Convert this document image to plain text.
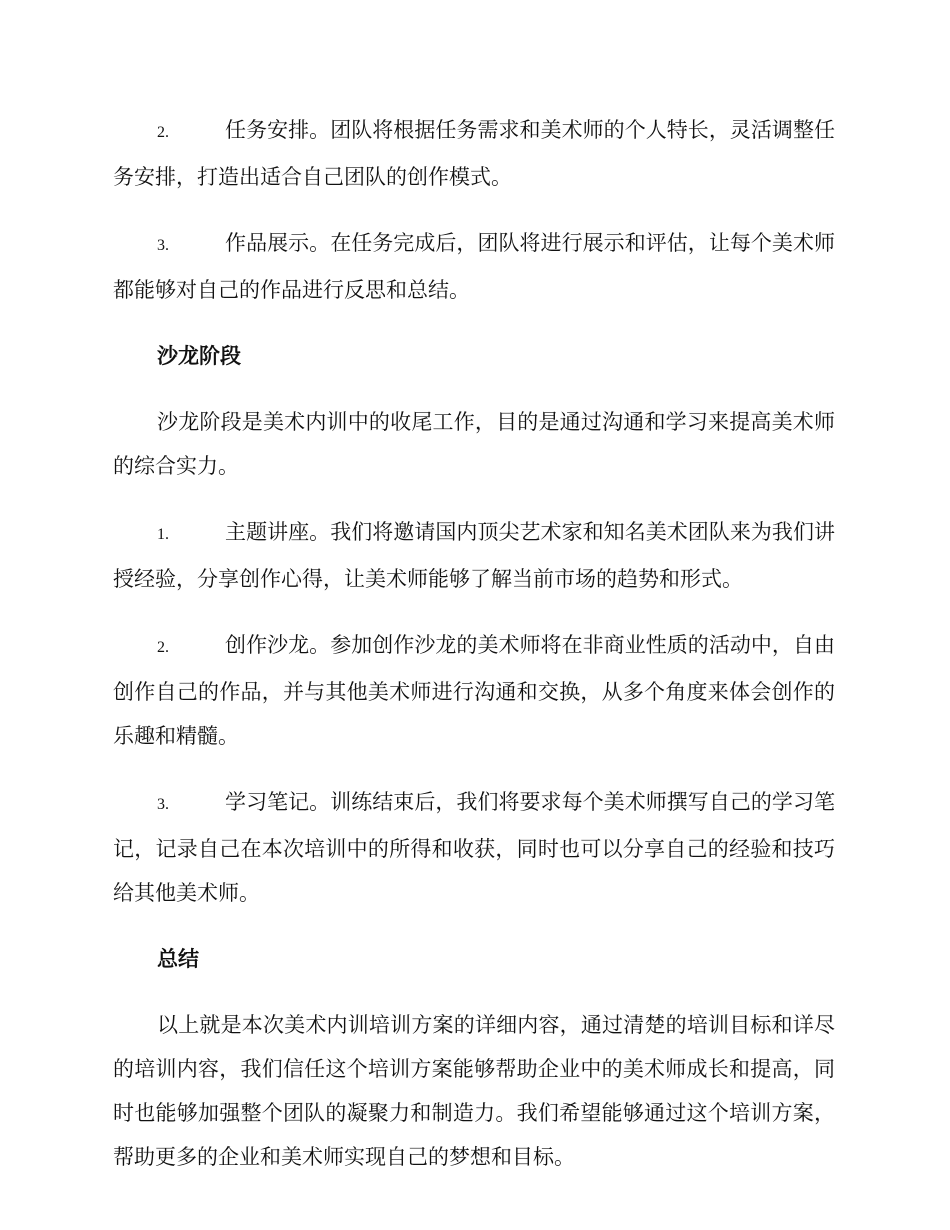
2.	任务安排。团队将根据任务需求和美术师的个人特长，灵活调整任务安排，打造出适合自己团队的创作模式。

3.	作品展示。在任务完成后，团队将进行展示和评估，让每个美术师都能够对自己的作品进行反思和总结。

沙龙阶段

沙龙阶段是美术内训中的收尾工作，目的是通过沟通和学习来提高美术师的综合实力。

1.	主题讲座。我们将邀请国内顶尖艺术家和知名美术团队来为我们讲授经验，分享创作心得，让美术师能够了解当前市场的趋势和形式。

2.	创作沙龙。参加创作沙龙的美术师将在非商业性质的活动中，自由创作自己的作品，并与其他美术师进行沟通和交换，从多个角度来体会创作的乐趣和精髓。

3.	学习笔记。训练结束后，我们将要求每个美术师撰写自己的学习笔记，记录自己在本次培训中的所得和收获，同时也可以分享自己的经验和技巧给其他美术师。

总结

以上就是本次美术内训培训方案的详细内容，通过清楚的培训目标和详尽的培训内容，我们信任这个培训方案能够帮助企业中的美术师成长和提高，同时也能够加强整个团队的凝聚力和制造力。我们希望能够通过这个培训方案，帮助更多的企业和美术师实现自己的梦想和目标。
